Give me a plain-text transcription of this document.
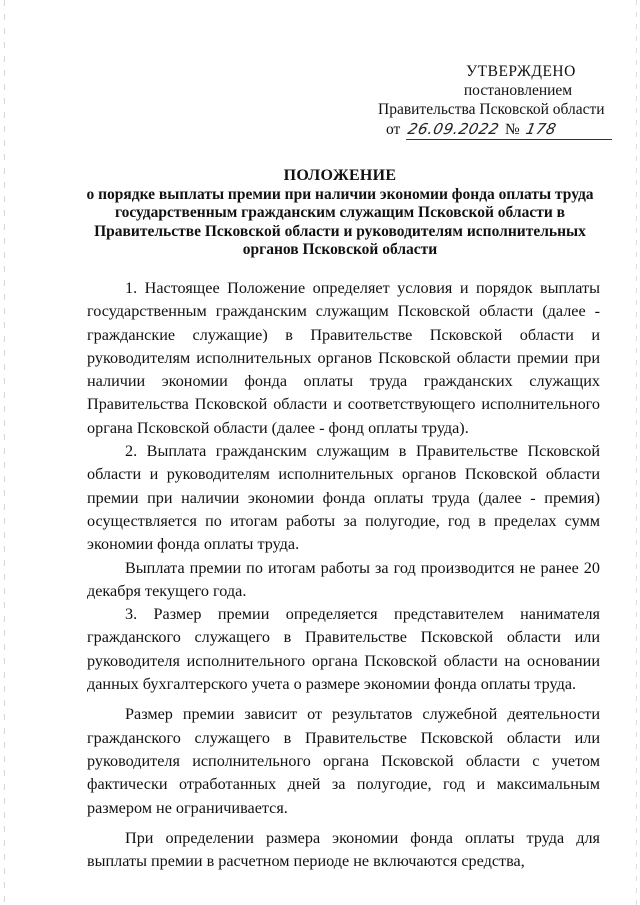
УТВЕРЖДЕНО
постановлением
Правительства Псковской области
от 26.09.2022 № 178
ПОЛОЖЕНИЕ
о порядке выплаты премии при наличии экономии фонда оплаты труда
государственным гражданским служащим Псковской области в
Правительстве Псковской области и руководителям исполнительных
органов Псковской области

1. Настоящее Положение определяет условия и порядок выплаты государственным гражданским служащим Псковской области (далее - гражданские служащие) в Правительстве Псковской области и руководителям исполнительных органов Псковской области премии при наличии экономии фонда оплаты труда гражданских служащих Правительства Псковской области и соответствующего исполнительного органа Псковской области (далее - фонд оплаты труда).

2. Выплата гражданским служащим в Правительстве Псковской области и руководителям исполнительных органов Псковской области премии при наличии экономии фонда оплаты труда (далее - премия) осуществляется по итогам работы за полугодие, год в пределах сумм экономии фонда оплаты труда.

Выплата премии по итогам работы за год производится не ранее 20 декабря текущего года.

3. Размер премии определяется представителем нанимателя гражданского служащего в Правительстве Псковской области или руководителя исполнительного органа Псковской области на основании данных бухгалтерского учета о размере экономии фонда оплаты труда.

Размер премии зависит от результатов служебной деятельности гражданского служащего в Правительстве Псковской области или руководителя исполнительного органа Псковской области с учетом фактически отработанных дней за полугодие, год и максимальным размером не ограничивается.

При определении размера экономии фонда оплаты труда для выплаты премии в расчетном периоде не включаются средства,
